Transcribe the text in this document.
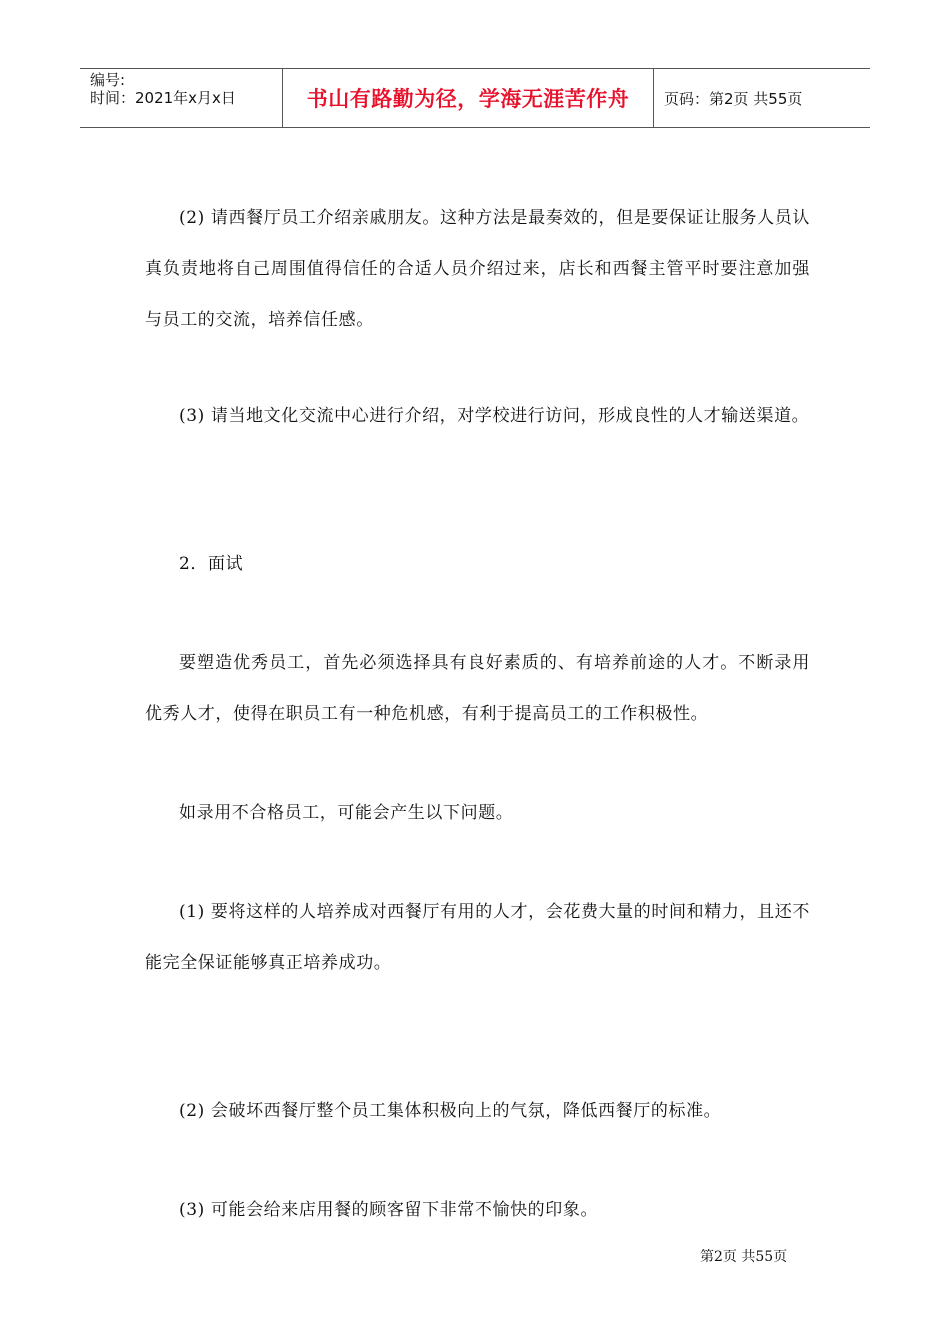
编号:
时间：2021年x月x日	书山有路勤为径，学海无涯苦作舟	页码：第2页 共55页

(2) 请西餐厅员工介绍亲戚朋友。这种方法是最奏效的，但是要保证让服务人员认真负责地将自己周围值得信任的合适人员介绍过来，店长和西餐主管平时要注意加强与员工的交流，培养信任感。

(3) 请当地文化交流中心进行介绍，对学校进行访问，形成良性的人才输送渠道。

2．面试

要塑造优秀员工，首先必须选择具有良好素质的、有培养前途的人才。不断录用优秀人才，使得在职员工有一种危机感，有利于提高员工的工作积极性。

如录用不合格员工，可能会产生以下问题。

(1) 要将这样的人培养成对西餐厅有用的人才，会花费大量的时间和精力，且还不能完全保证能够真正培养成功。

(2) 会破坏西餐厅整个员工集体积极向上的气氛，降低西餐厅的标准。

(3) 可能会给来店用餐的顾客留下非常不愉快的印象。

第2页 共55页
